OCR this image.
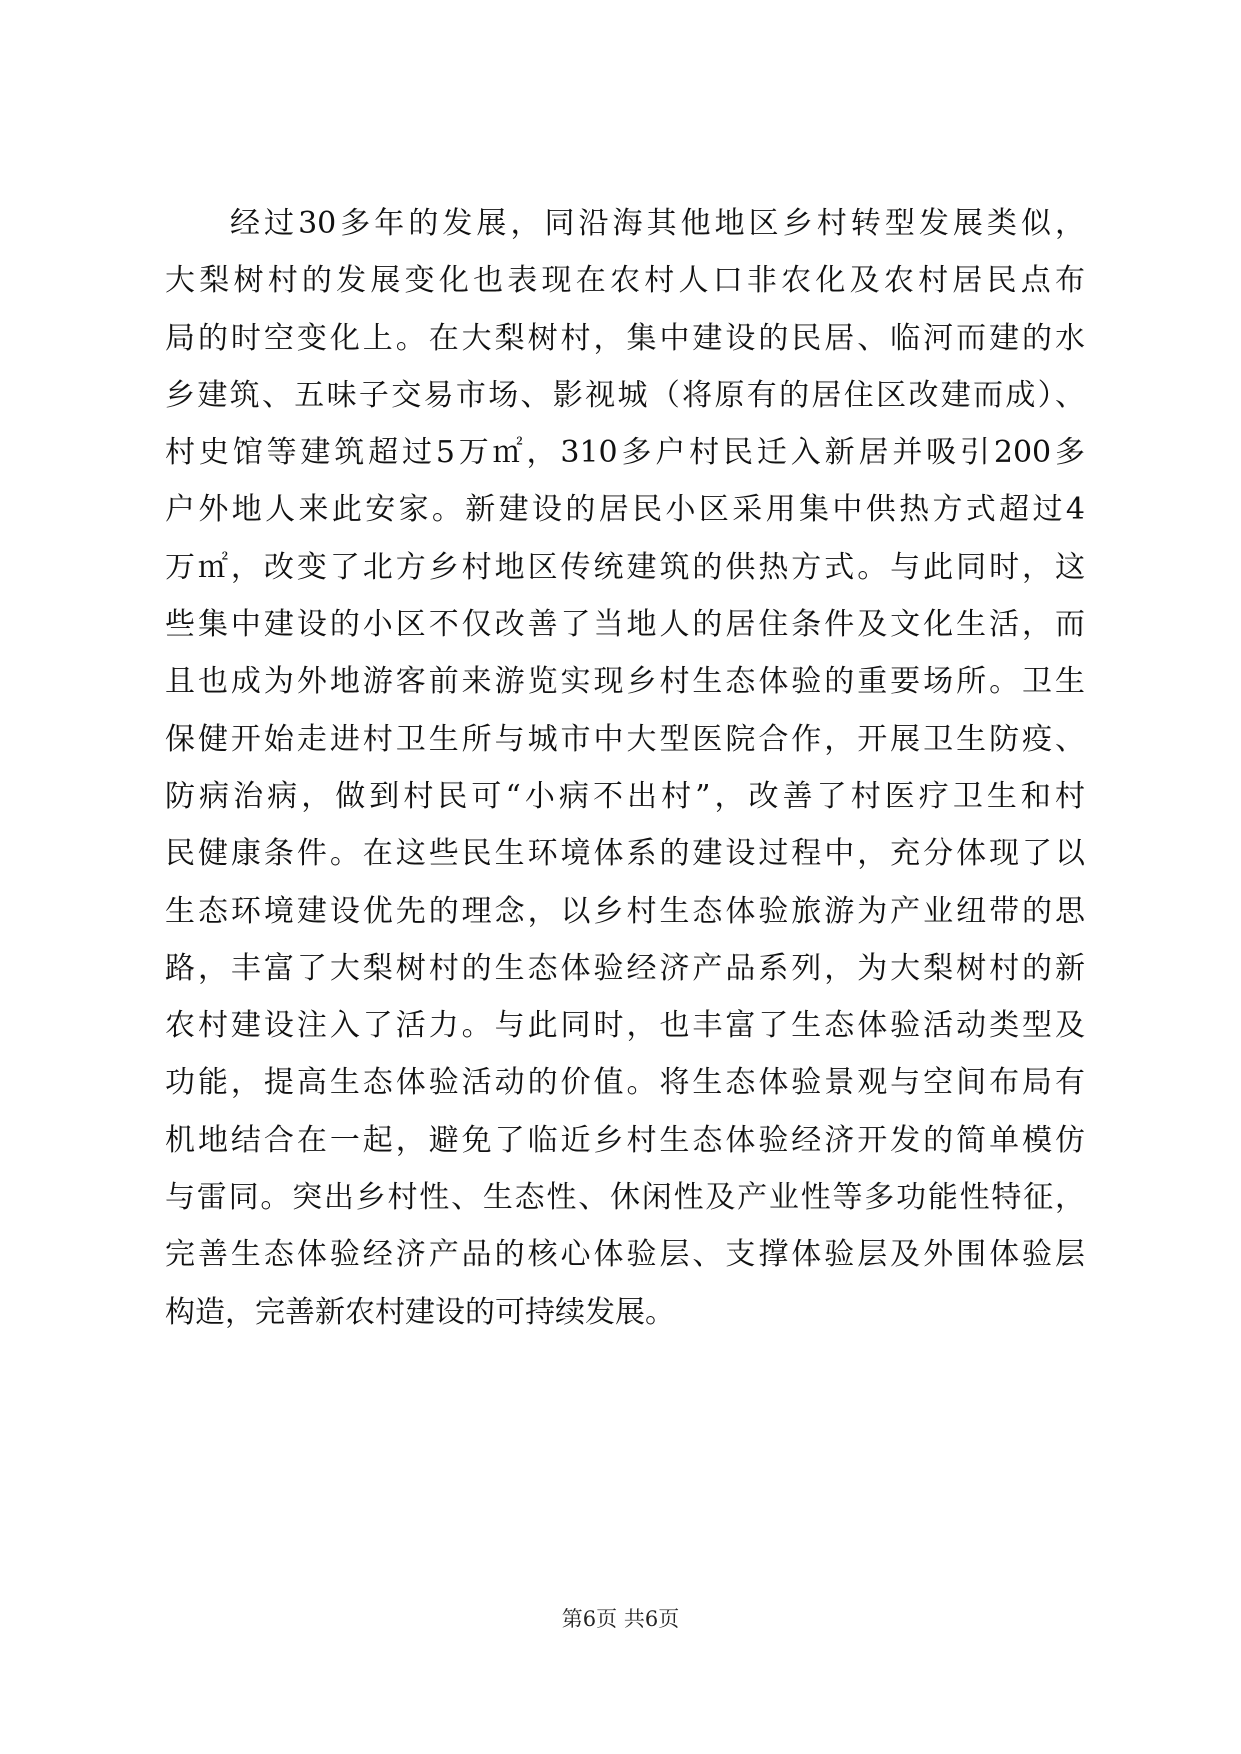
经过30多年的发展，同沿海其他地区乡村转型发展类似，
大梨树村的发展变化也表现在农村人口非农化及农村居民点布
局的时空变化上。在大梨树村，集中建设的民居、临河而建的水
乡建筑、五味子交易市场、影视城（将原有的居住区改建而成）、
村史馆等建筑超过5万㎡，310多户村民迁入新居并吸引200多
户外地人来此安家。新建设的居民小区采用集中供热方式超过4
万㎡，改变了北方乡村地区传统建筑的供热方式。与此同时，这
些集中建设的小区不仅改善了当地人的居住条件及文化生活，而
且也成为外地游客前来游览实现乡村生态体验的重要场所。卫生
保健开始走进村卫生所与城市中大型医院合作，开展卫生防疫、
防病治病，做到村民可“小病不出村”，改善了村医疗卫生和村
民健康条件。在这些民生环境体系的建设过程中，充分体现了以
生态环境建设优先的理念，以乡村生态体验旅游为产业纽带的思
路，丰富了大梨树村的生态体验经济产品系列，为大梨树村的新
农村建设注入了活力。与此同时，也丰富了生态体验活动类型及
功能，提高生态体验活动的价值。将生态体验景观与空间布局有
机地结合在一起，避免了临近乡村生态体验经济开发的简单模仿
与雷同。突出乡村性、生态性、休闲性及产业性等多功能性特征，
完善生态体验经济产品的核心体验层、支撑体验层及外围体验层
构造，完善新农村建设的可持续发展。
第6页 共6页
